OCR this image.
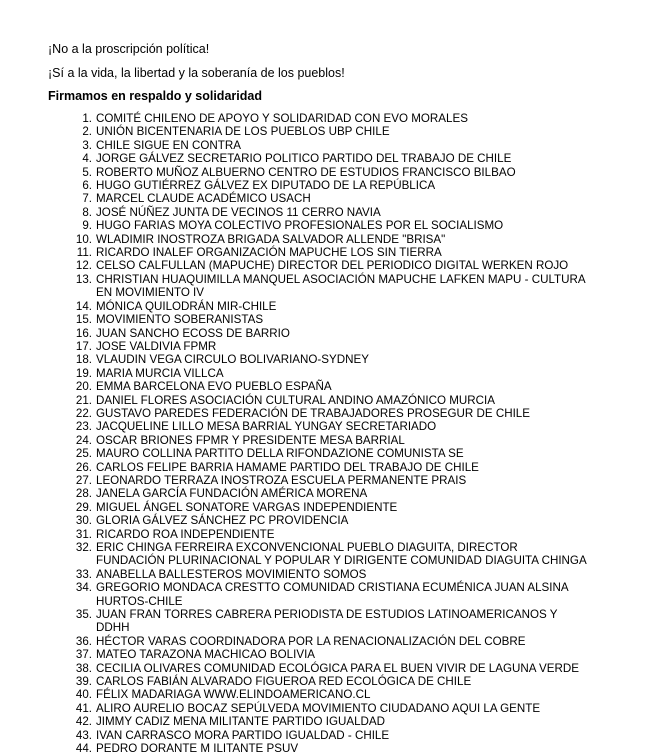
¡No a la proscripción política!

¡Sí a la vida, la libertad y la soberanía de los pueblos!

Firmamos en respaldo y solidaridad

1. COMITÉ CHILENO DE APOYO Y SOLIDARIDAD CON EVO MORALES
2. UNIÓN BICENTENARIA DE LOS PUEBLOS UBP CHILE
3. CHILE SIGUE EN CONTRA
4. JORGE GÁLVEZ SECRETARIO POLITICO PARTIDO DEL TRABAJO DE CHILE
5. ROBERTO MUÑOZ ALBUERNO CENTRO DE ESTUDIOS FRANCISCO BILBAO
6. HUGO GUTIÉRREZ GÁLVEZ EX DIPUTADO DE LA REPÚBLICA
7. MARCEL CLAUDE ACADÉMICO USACH
8. JOSÉ NÚÑEZ JUNTA DE VECINOS 11 CERRO NAVIA
9. HUGO FARIAS MOYA COLECTIVO PROFESIONALES POR EL SOCIALISMO
10. WLADIMIR INOSTROZA BRIGADA SALVADOR ALLENDE "BRISA"
11. RICARDO INALEF ORGANIZACIÓN MAPUCHE LOS SIN TIERRA
12. CELSO CALFULLAN (MAPUCHE) DIRECTOR DEL PERIODICO DIGITAL WERKEN ROJO
13. CHRISTIAN HUAQUIMILLA MANQUEL ASOCIACIÓN MAPUCHE LAFKEN MAPU - CULTURA EN MOVIMIENTO IV
14. MÓNICA QUILODRÁN MIR-CHILE
15. MOVIMIENTO SOBERANISTAS
16. JUAN SANCHO ECOSS DE BARRIO
17. JOSE VALDIVIA FPMR
18. VLAUDIN VEGA CIRCULO BOLIVARIANO-SYDNEY
19. MARIA MURCIA VILLCA
20. EMMA BARCELONA EVO PUEBLO ESPAÑA
21. DANIEL FLORES ASOCIACIÓN CULTURAL ANDINO AMAZÓNICO MURCIA
22. GUSTAVO PAREDES FEDERACIÓN DE TRABAJADORES PROSEGUR DE CHILE
23. JACQUELINE LILLO MESA BARRIAL YUNGAY SECRETARIADO
24. OSCAR BRIONES FPMR Y PRESIDENTE MESA BARRIAL
25. MAURO COLLINA PARTITO DELLA RIFONDAZIONE COMUNISTA SE
26. CARLOS FELIPE BARRIA HAMAME PARTIDO DEL TRABAJO DE CHILE
27. LEONARDO TERRAZA INOSTROZA ESCUELA PERMANENTE PRAIS
28. JANELA GARCÍA FUNDACIÓN AMÉRICA MORENA
29. MIGUEL ÁNGEL SONATORE VARGAS INDEPENDIENTE
30. GLORIA GÁLVEZ SÁNCHEZ PC PROVIDENCIA
31. RICARDO ROA INDEPENDIENTE
32. ERIC CHINGA FERREIRA EXCONVENCIONAL PUEBLO DIAGUITA, DIRECTOR FUNDACIÓN PLURINACIONAL Y POPULAR Y DIRIGENTE COMUNIDAD DIAGUITA CHINGA
33. ANABELLA BALLESTEROS MOVIMIENTO SOMOS
34. GREGORIO MONDACA CRESTTO COMUNIDAD CRISTIANA ECUMÉNICA JUAN ALSINA HURTOS-CHILE
35. JUAN FRAN TORRES CABRERA PERIODISTA DE ESTUDIOS LATINOAMERICANOS Y DDHH
36. HÉCTOR VARAS COORDINADORA POR LA RENACIONALIZACIÓN DEL COBRE
37. MATEO TARAZONA MACHICAO BOLIVIA
38. CECILIA OLIVARES COMUNIDAD ECOLÓGICA PARA EL BUEN VIVIR DE LAGUNA VERDE
39. CARLOS FABIÁN ALVARADO FIGUEROA RED ECOLÓGICA DE CHILE
40. FÉLIX MADARIAGA WWW.ELINDOAMERICANO.CL
41. ALIRO AURELIO BOCAZ SEPÚLVEDA MOVIMIENTO CIUDADANO AQUI LA GENTE
42. JIMMY CADIZ MENA MILITANTE PARTIDO IGUALDAD
43. IVAN CARRASCO MORA PARTIDO IGUALDAD - CHILE
44. PEDRO DORANTE M ILITANTE PSUV
